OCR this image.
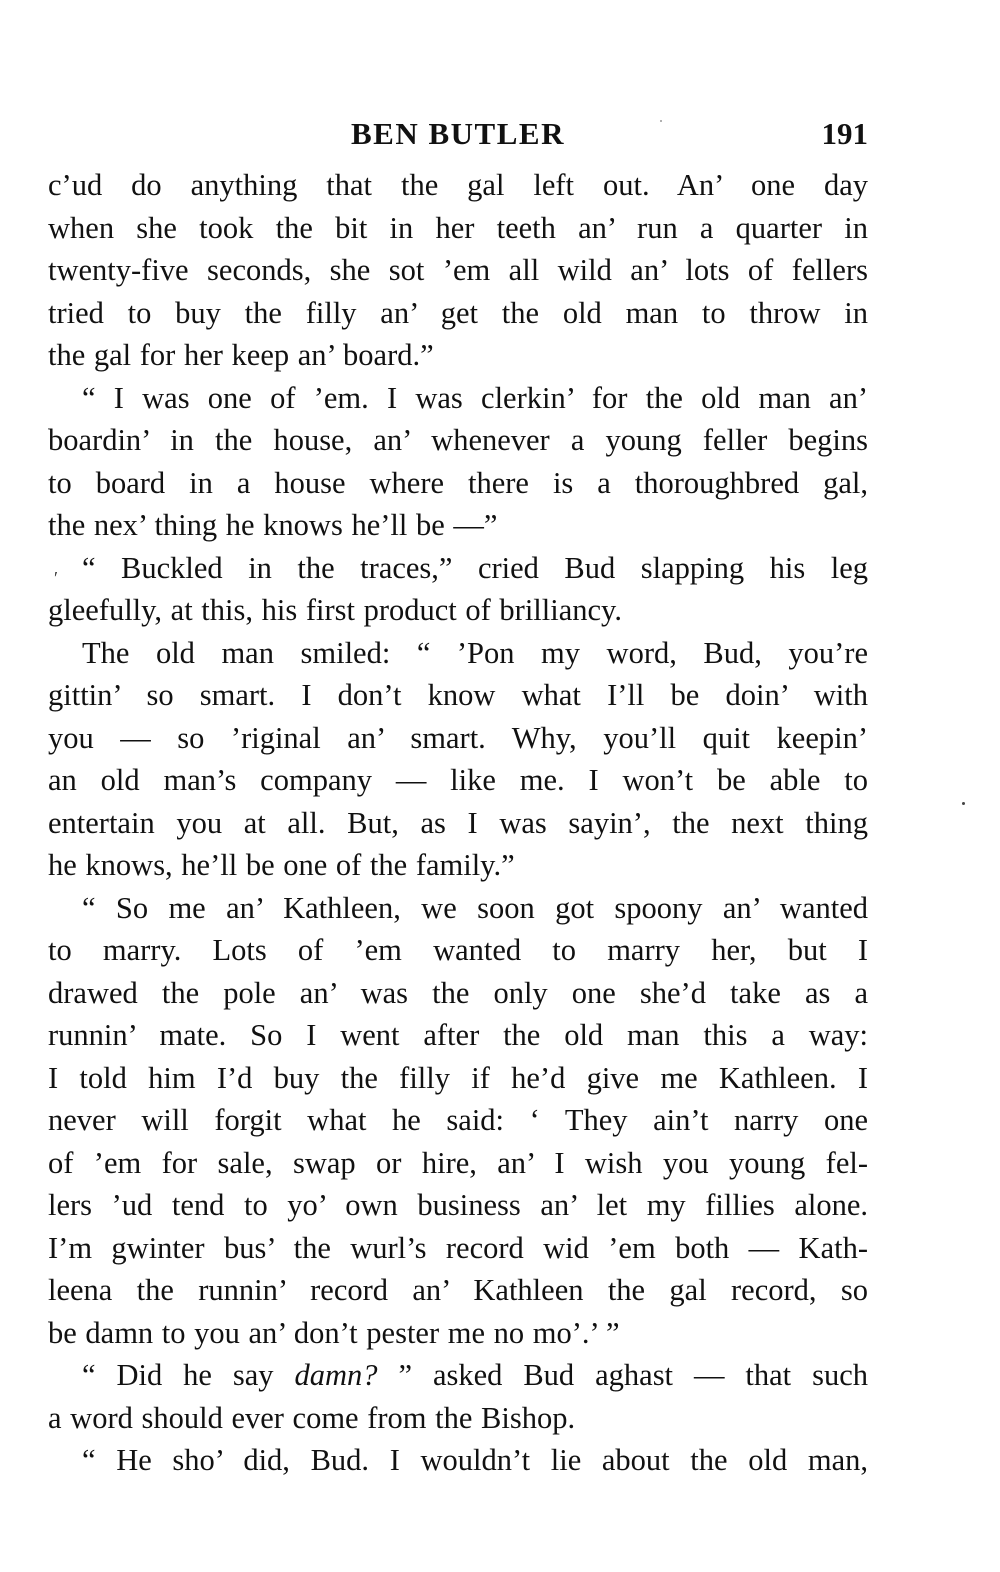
BEN BUTLER	191
c’ud do anything that the gal left out. An’ one day
when she took the bit in her teeth an’ run a quarter in
twenty-five seconds, she sot ’em all wild an’ lots of fellers
tried to buy the filly an’ get the old man to throw in
the gal for her keep an’ board.”
“ I was one of ’em. I was clerkin’ for the old man an’
boardin’ in the house, an’ whenever a young feller begins
to board in a house where there is a thoroughbred gal,
the nex’ thing he knows he’ll be —”
“ Buckled in the traces,” cried Bud slapping his leg
gleefully, at this, his first product of brilliancy.
The old man smiled: “ ’Pon my word, Bud, you’re
gittin’ so smart. I don’t know what I’ll be doin’ with
you — so ’riginal an’ smart. Why, you’ll quit keepin’
an old man’s company — like me. I won’t be able to
entertain you at all. But, as I was sayin’, the next thing
he knows, he’ll be one of the family.”
“ So me an’ Kathleen, we soon got spoony an’ wanted
to marry. Lots of ’em wanted to marry her, but I
drawed the pole an’ was the only one she’d take as a
runnin’ mate. So I went after the old man this a way:
I told him I’d buy the filly if he’d give me Kathleen. I
never will forgit what he said: ‘ They ain’t narry one
of ’em for sale, swap or hire, an’ I wish you young fel-
lers ’ud tend to yo’ own business an’ let my fillies alone.
I’m gwinter bus’ the wurl’s record wid ’em both — Kath-
leena the runnin’ record an’ Kathleen the gal record, so
be damn to you an’ don’t pester me no mo’.’ ”
“ Did he say damn? ” asked Bud aghast — that such
a word should ever come from the Bishop.
“ He sho’ did, Bud. I wouldn’t lie about the old man,
′
